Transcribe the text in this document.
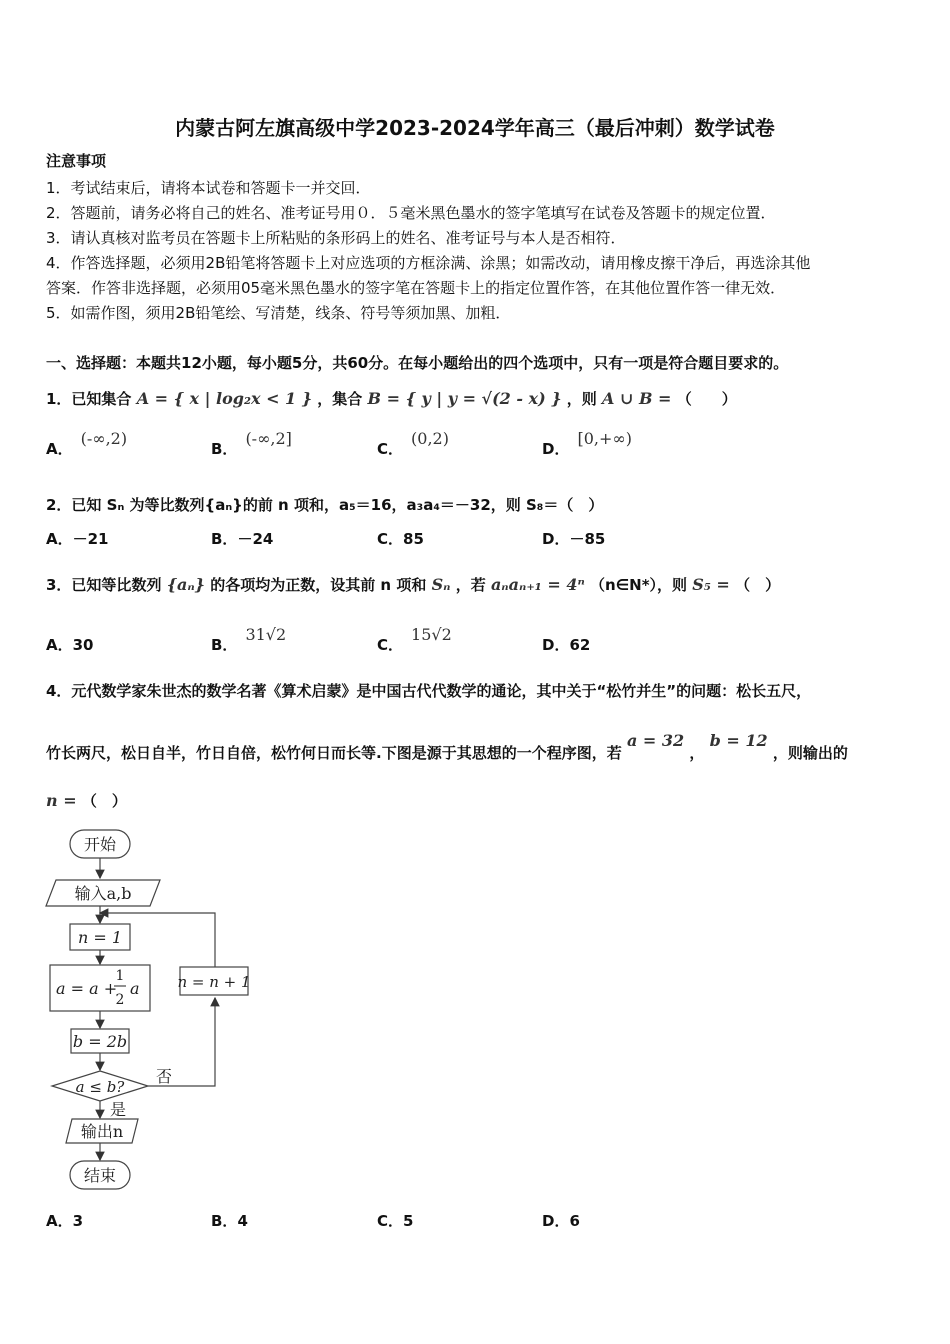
内蒙古阿左旗高级中学2023-2024学年高三（最后冲刺）数学试卷
注意事项
1．考试结束后，请将本试卷和答题卡一并交回．
2．答题前，请务必将自己的姓名、准考证号用０．５毫米黑色墨水的签字笔填写在试卷及答题卡的规定位置．
3．请认真核对监考员在答题卡上所粘贴的条形码上的姓名、准考证号与本人是否相符．
4．作答选择题，必须用2B铅笔将答题卡上对应选项的方框涂满、涂黑；如需改动，请用橡皮擦干净后，再选涂其他
答案．作答非选择题，必须用05毫米黑色墨水的签字笔在答题卡上的指定位置作答，在其他位置作答一律无效．
5．如需作图，须用2B铅笔绘、写清楚，线条、符号等须加黑、加粗．
一、选择题：本题共12小题，每小题5分，共60分。在每小题给出的四个选项中，只有一项是符合题目要求的。
1．已知集合 A = { x | log₂x < 1 } ，集合 B = { y | y = √(2 - x) } ，则 A ∪ B = （　　）
A．(-∞,2)
B．(-∞,2]
C．(0,2)
D．[0,+∞)
2．已知 Sₙ 为等比数列{aₙ}的前 n 项和，a₅＝16，a₃a₄＝－32，则 S₈＝（　）
A．－21	B．－24	C．85	D．－85
3．已知等比数列 {aₙ} 的各项均为正数，设其前 n 项和 Sₙ ，若 aₙaₙ₊₁ = 4ⁿ （n∈N*），则 S₅ = （　）
A．30	B．31√2
C．15√2
D．62
4．元代数学家朱世杰的数学名著《算术启蒙》是中国古代代数学的通论，其中关于“松竹并生”的问题：松长五尺，
竹长两尺，松日自半，竹日自倍，松竹何日而长等.下图是源于其思想的一个程序图，若 a = 32 ， b = 12 ，则输出的
n = （　）
开始
输入a,b
n = 1
a = a +
1
2
a
b = 2b
a ≤ b?
否
是
n = n + 1
输出n
结束
A．3	B．4	C．5	D．6
